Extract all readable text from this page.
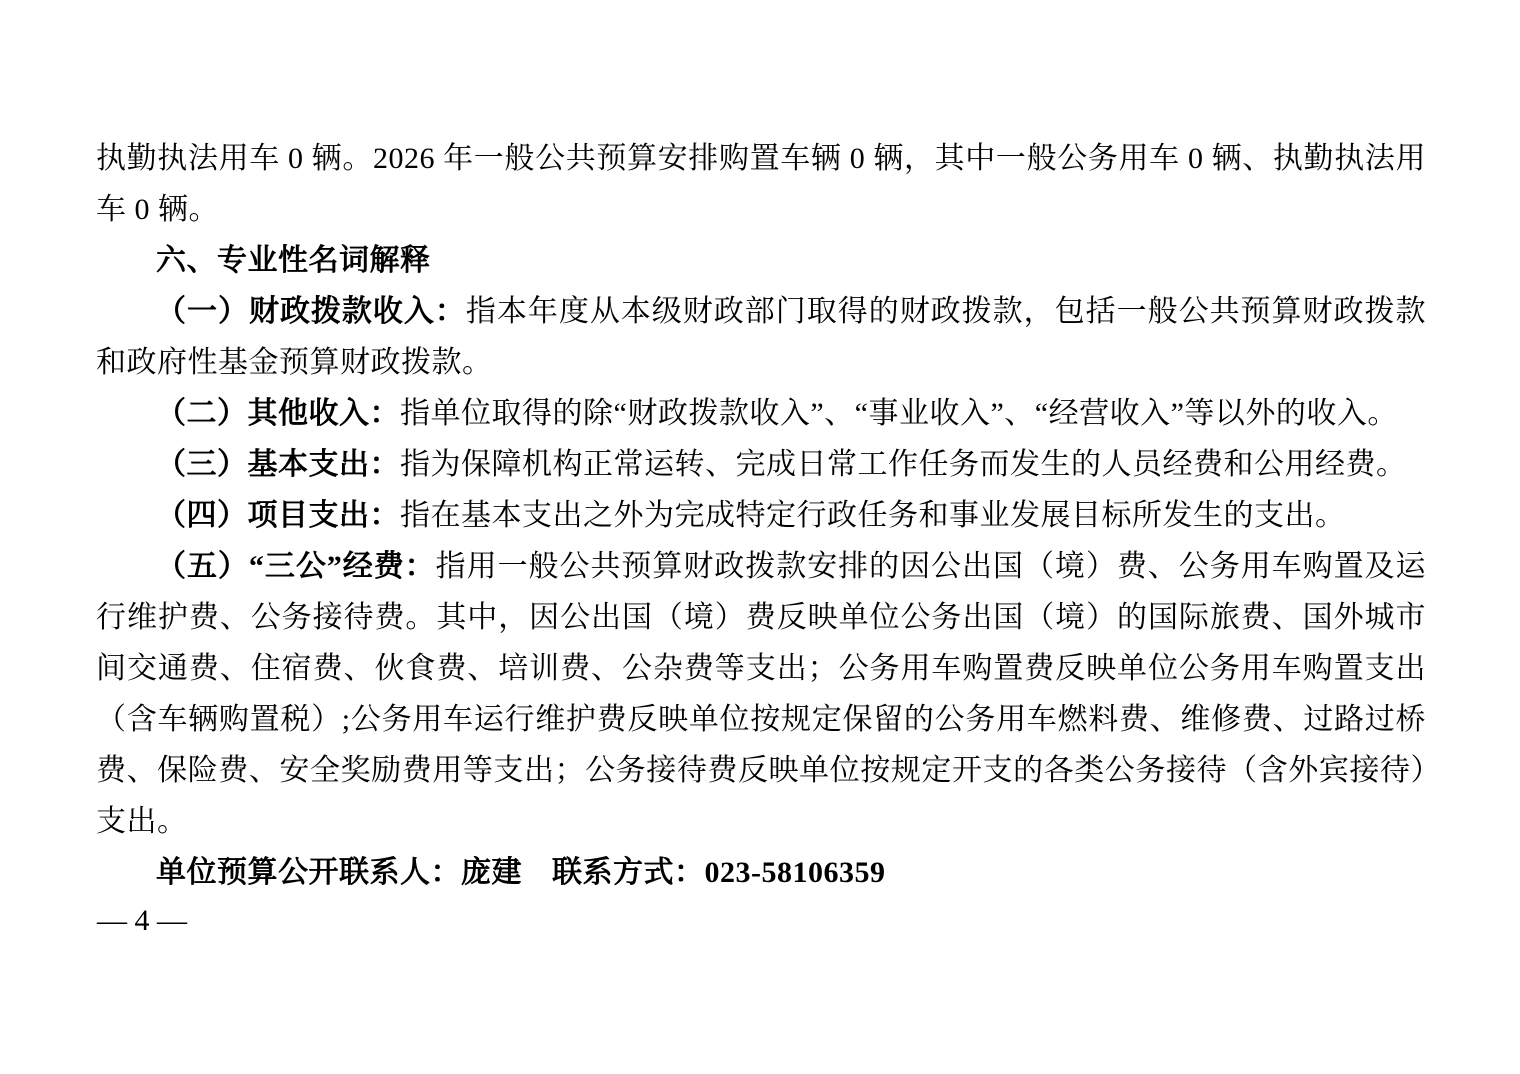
执勤执法用车 0 辆。2026 年一般公共预算安排购置车辆 0 辆，其中一般公务用车 0 辆、执勤执法用车 0 辆。

六、专业性名词解释

（一）财政拨款收入：指本年度从本级财政部门取得的财政拨款，包括一般公共预算财政拨款和政府性基金预算财政拨款。

（二）其他收入：指单位取得的除“财政拨款收入”、“事业收入”、“经营收入”等以外的收入。

（三）基本支出：指为保障机构正常运转、完成日常工作任务而发生的人员经费和公用经费。

（四）项目支出：指在基本支出之外为完成特定行政任务和事业发展目标所发生的支出。

（五）“三公”经费：指用一般公共预算财政拨款安排的因公出国（境）费、公务用车购置及运行维护费、公务接待费。其中，因公出国（境）费反映单位公务出国（境）的国际旅费、国外城市间交通费、住宿费、伙食费、培训费、公杂费等支出；公务用车购置费反映单位公务用车购置支出（含车辆购置税）;公务用车运行维护费反映单位按规定保留的公务用车燃料费、维修费、过路过桥费、保险费、安全奖励费用等支出；公务接待费反映单位按规定开支的各类公务接待（含外宾接待）支出。

单位预算公开联系人：庞建 联系方式：023-58106359

— 4 —
